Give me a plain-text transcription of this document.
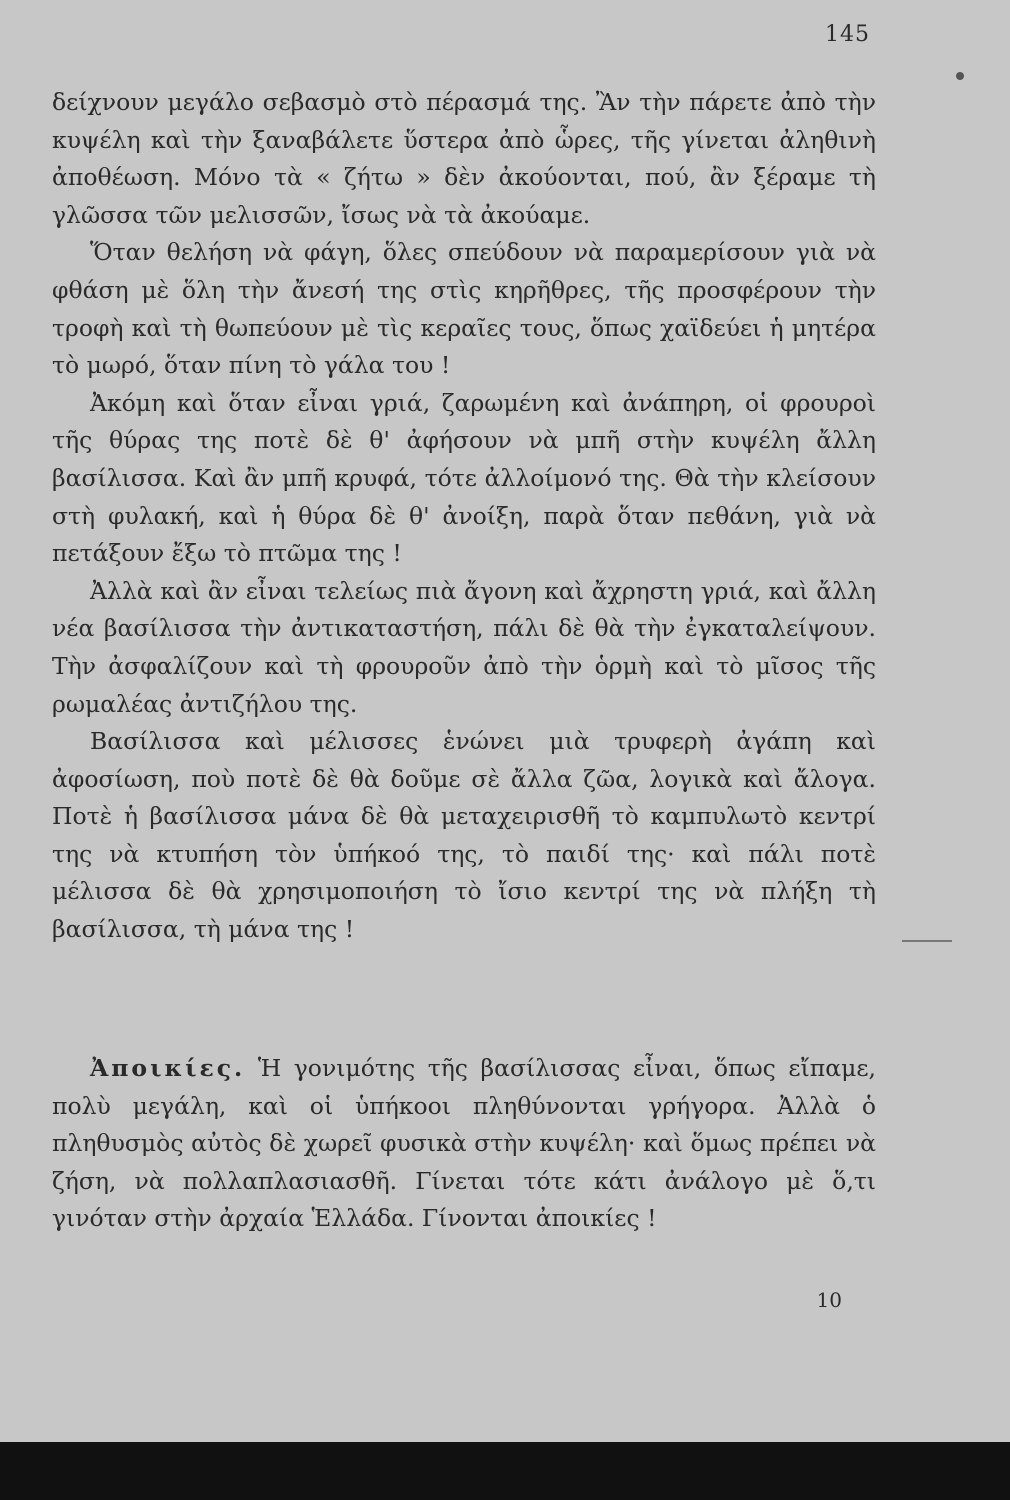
145

δείχνουν μεγάλο σεβασμὸ στὸ πέρασμά της. Ἂν τὴν πάρετε ἀπὸ τὴν κυψέλη καὶ τὴν ξαναβάλετε ὕστερα ἀπὸ ὧρες, τῆς γίνεται ἀληθινὴ ἀποθέωση. Μόνο τὰ « ζήτω » δὲν ἀκούονται, πού, ἂν ξέραμε τὴ γλῶσσα τῶν μελισσῶν, ἴσως νὰ τὰ ἀκούαμε.

Ὅταν θελήση νὰ φάγη, ὅλες σπεύδουν νὰ παραμερίσουν γιὰ νὰ φθάση μὲ ὅλη τὴν ἄνεσή της στὶς κηρῆθρες, τῆς προσφέρουν τὴν τροφὴ καὶ τὴ θωπεύουν μὲ τὶς κεραῖες τους, ὅπως χαϊδεύει ἡ μητέρα τὸ μωρό, ὅταν πίνη τὸ γάλα του !

Ἀκόμη καὶ ὅταν εἶναι γριά, ζαρωμένη καὶ ἀνάπηρη, οἱ φρουροὶ τῆς θύρας της ποτὲ δὲ θ' ἀφήσουν νὰ μπῆ στὴν κυψέλη ἄλλη βασίλισσα. Καὶ ἂν μπῆ κρυφά, τότε ἀλλοίμονό της. Θὰ τὴν κλείσουν στὴ φυλακή, καὶ ἡ θύρα δὲ θ' ἀνοίξη, παρὰ ὅταν πεθάνη, γιὰ νὰ πετάξουν ἔξω τὸ πτῶμα της !

Ἀλλὰ καὶ ἂν εἶναι τελείως πιὰ ἄγονη καὶ ἄχρηστη γριά, καὶ ἄλλη νέα βασίλισσα τὴν ἀντικαταστήση, πάλι δὲ θὰ τὴν ἐγκαταλείψουν. Τὴν ἀσφαλίζουν καὶ τὴ φρουροῦν ἀπὸ τὴν ὁρμὴ καὶ τὸ μῖσος τῆς ρωμαλέας ἀντιζήλου της.

Βασίλισσα καὶ μέλισσες ἑνώνει μιὰ τρυφερὴ ἀγάπη καὶ ἀφοσίωση, ποὺ ποτὲ δὲ θὰ δοῦμε σὲ ἄλλα ζῶα, λογικὰ καὶ ἄλογα. Ποτὲ ἡ βασίλισσα μάνα δὲ θὰ μεταχειρισθῆ τὸ καμπυλωτὸ κεντρί της νὰ κτυπήση τὸν ὑπήκοό της, τὸ παιδί της· καὶ πάλι ποτὲ μέλισσα δὲ θὰ χρησιμοποιήση τὸ ἴσιο κεντρί της νὰ πλήξη τὴ βασίλισσα, τὴ μάνα της !

Ἀποικίες. Ἡ γονιμότης τῆς βασίλισσας εἶναι, ὅπως εἴπαμε, πολὺ μεγάλη, καὶ οἱ ὑπήκοοι πληθύνονται γρήγορα. Ἀλλὰ ὁ πληθυσμὸς αὐτὸς δὲ χωρεῖ φυσικὰ στὴν κυψέλη· καὶ ὅμως πρέπει νὰ ζήση, νὰ πολλαπλασιασθῆ. Γίνεται τότε κάτι ἀνάλογο μὲ ὅ,τι γινόταν στὴν ἀρχαία Ἑλλάδα. Γίνονται ἀποικίες !

10
